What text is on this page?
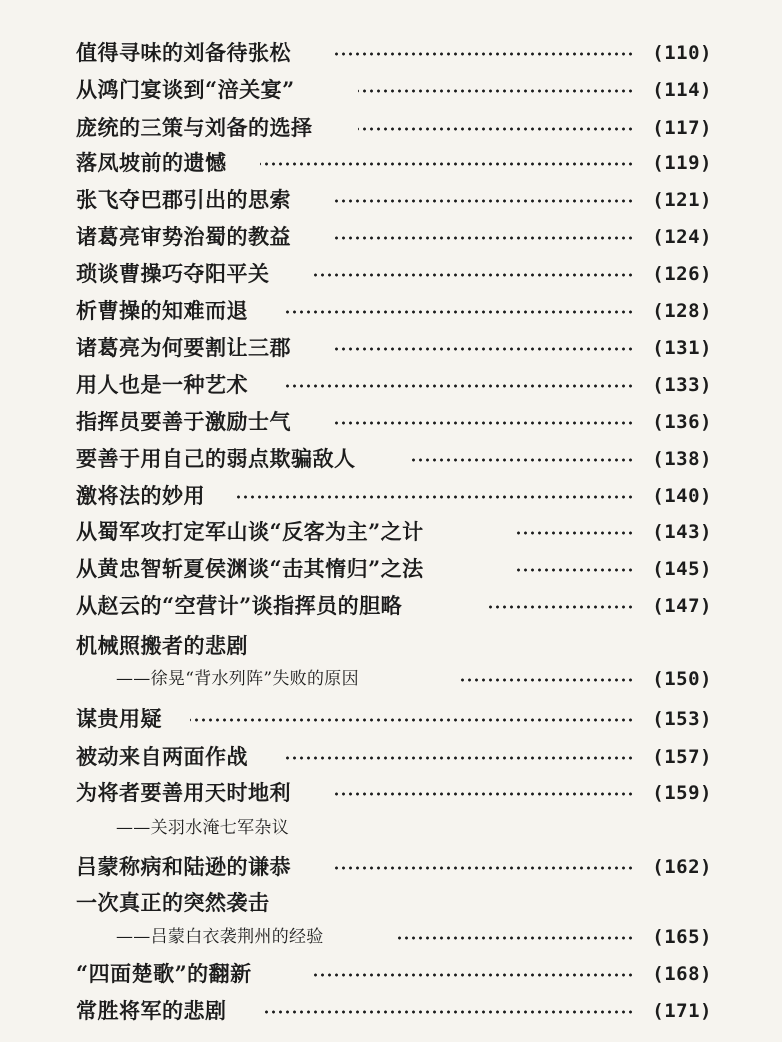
值得寻味的刘备待张松	(110)
从鸿门宴谈到“涪关宴”	(114)
庞统的三策与刘备的选择	(117)
落凤坡前的遗憾	(119)
张飞夺巴郡引出的思索	(121)
诸葛亮审势治蜀的教益	(124)
琐谈曹操巧夺阳平关	(126)
析曹操的知难而退	(128)
诸葛亮为何要割让三郡	(131)
用人也是一种艺术	(133)
指挥员要善于激励士气	(136)
要善于用自己的弱点欺骗敌人	(138)
激将法的妙用	(140)
从蜀军攻打定军山谈“反客为主”之计	(143)
从黄忠智斩夏侯渊谈“击其惰归”之法	(145)
从赵云的“空营计”谈指挥员的胆略	(147)
机械照搬者的悲剧
——徐晃“背水列阵”失败的原因	(150)
谋贵用疑	(153)
被动来自两面作战	(157)
为将者要善用天时地利	(159)
——关羽水淹七军杂议
吕蒙称病和陆逊的谦恭	(162)
一次真正的突然袭击
——吕蒙白衣袭荆州的经验	(165)
“四面楚歌”的翻新	(168)
常胜将军的悲剧	(171)
